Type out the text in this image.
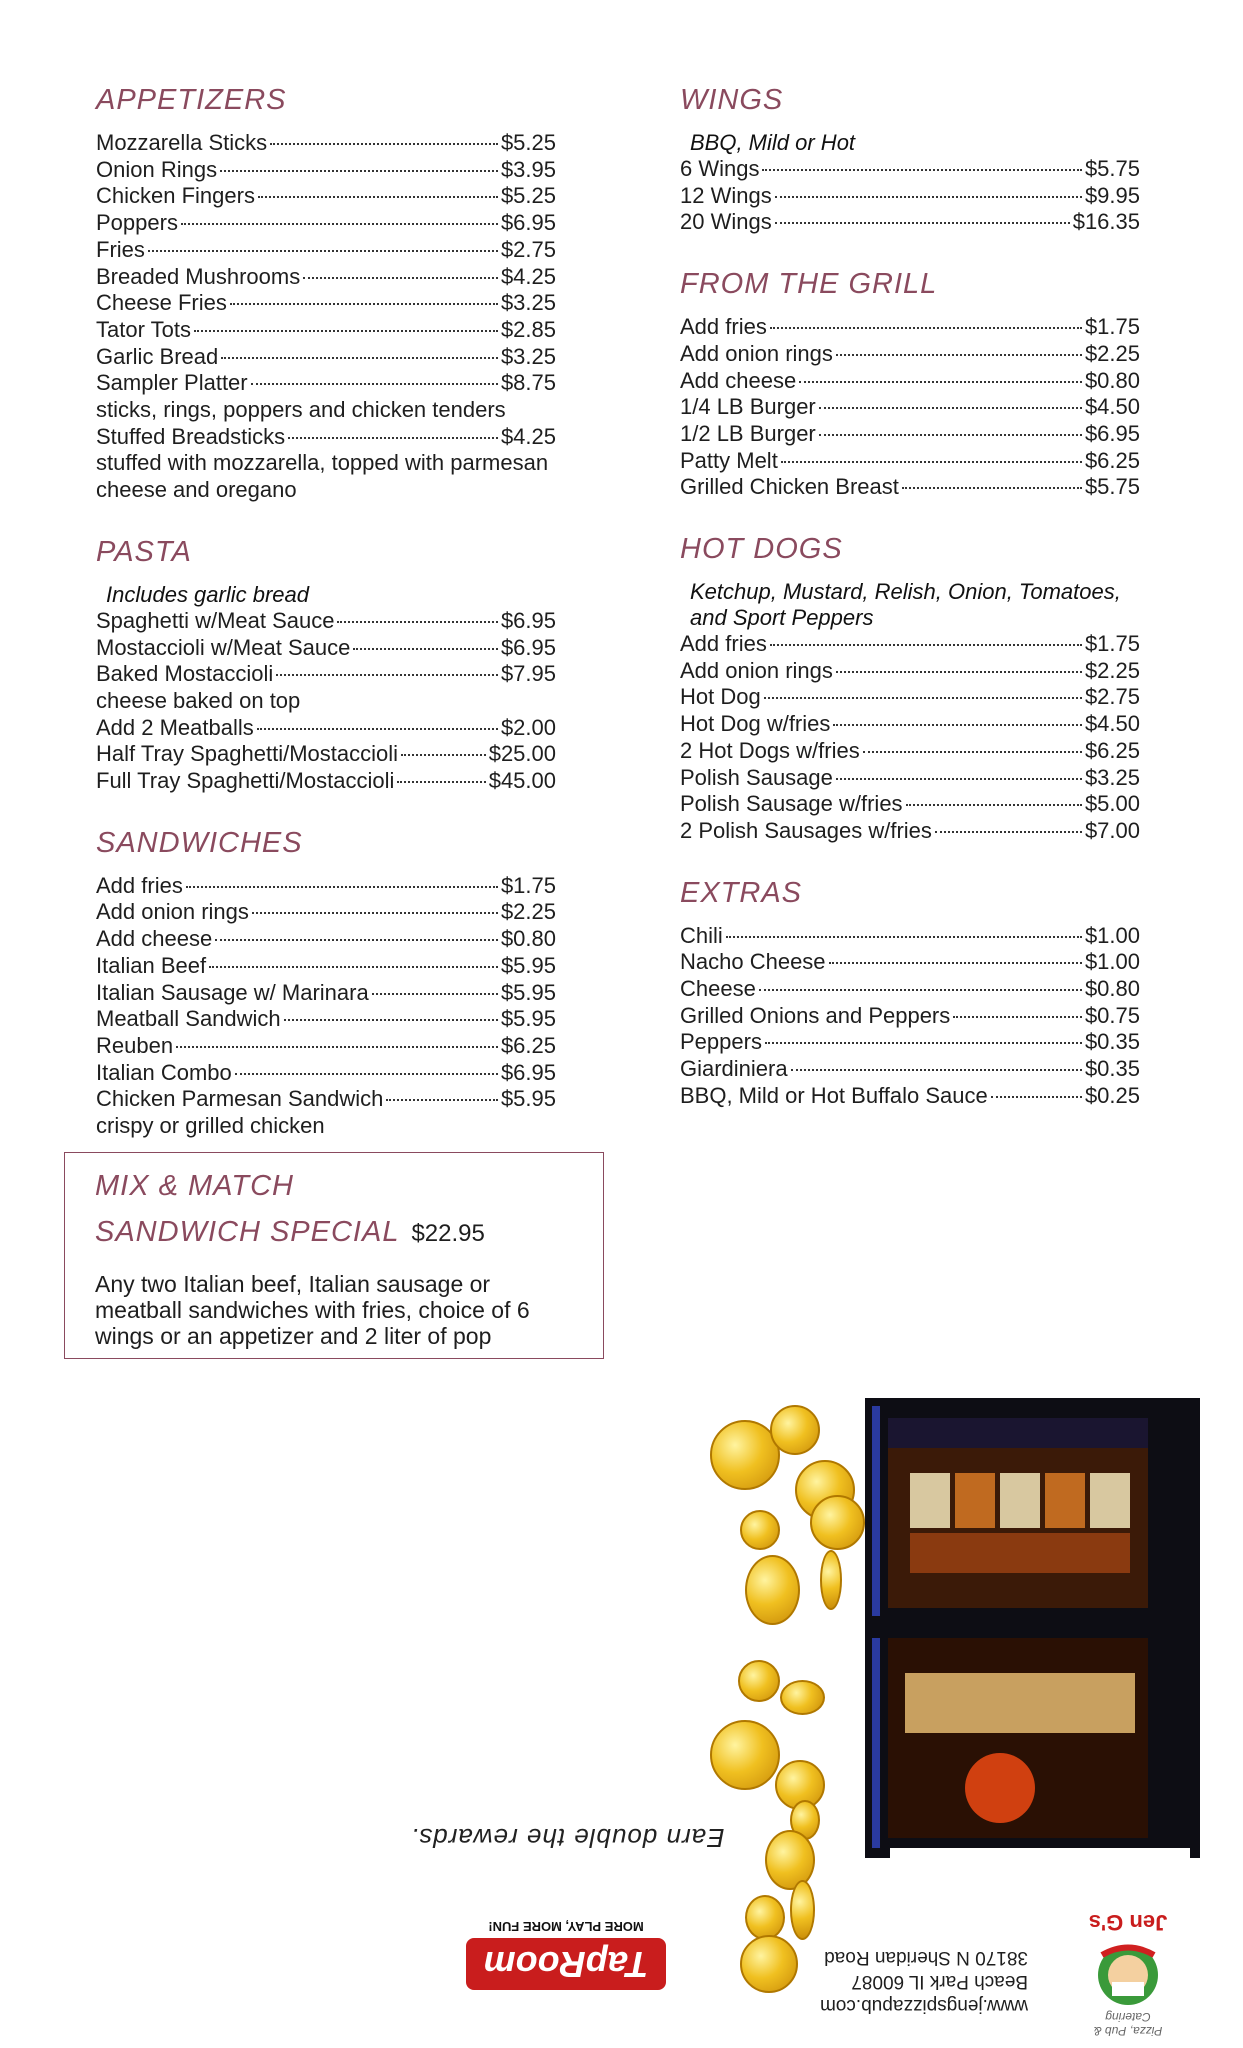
APPETIZERS
Mozzarella Sticks	$5.25
Onion Rings	$3.95
Chicken Fingers	$5.25
Poppers	$6.95
Fries	$2.75
Breaded Mushrooms	$4.25
Cheese Fries	$3.25
Tator Tots	$2.85
Garlic Bread	$3.25
Sampler Platter	$8.75
sticks, rings, poppers and chicken tenders
Stuffed Breadsticks	$4.25
stuffed with mozzarella, topped with parmesan
cheese and oregano
PASTA
Includes garlic bread
Spaghetti w/Meat Sauce	$6.95
Mostaccioli w/Meat Sauce	$6.95
Baked Mostaccioli	$7.95
cheese baked on top
Add 2 Meatballs	$2.00
Half Tray Spaghetti/Mostaccioli	$25.00
Full Tray Spaghetti/Mostaccioli	$45.00
SANDWICHES
Add fries	$1.75
Add onion rings	$2.25
Add cheese	$0.80
Italian Beef	$5.95
Italian Sausage w/ Marinara	$5.95
Meatball Sandwich	$5.95
Reuben	$6.25
Italian Combo	$6.95
Chicken Parmesan Sandwich	$5.95
crispy or grilled chicken
WINGS
BBQ, Mild or Hot
6 Wings	$5.75
12 Wings	$9.95
20 Wings	$16.35
FROM THE GRILL
Add fries	$1.75
Add onion rings	$2.25
Add cheese	$0.80
1/4 LB Burger	$4.50
1/2 LB Burger	$6.95
Patty Melt	$6.25
Grilled Chicken Breast	$5.75
HOT DOGS
Ketchup, Mustard, Relish, Onion, Tomatoes,
and Sport Peppers
Add fries	$1.75
Add onion rings	$2.25
Hot Dog	$2.75
Hot Dog w/fries	$4.50
2 Hot Dogs w/fries	$6.25
Polish Sausage	$3.25
Polish Sausage w/fries	$5.00
2 Polish Sausages w/fries	$7.00
EXTRAS
Chili	$1.00
Nacho Cheese	$1.00
Cheese	$0.80
Grilled Onions and Peppers	$0.75
Peppers	$0.35
Giardiniera	$0.35
BBQ, Mild or Hot Buffalo Sauce	$0.25
MIX & MATCH
SANDWICH SPECIAL $22.95
Any two Italian beef, Italian sausage or meatball sandwiches with fries, choice of 6 wings or an appetizer and 2 liter of pop
Earn double the rewards.
TapRoom
MORE PLAY, MORE FUN!
www.jengspizzapub.com
Beach Park IL 60087
38170 N Sheridan Road
Pizza, Pub & Catering
Jen G's
